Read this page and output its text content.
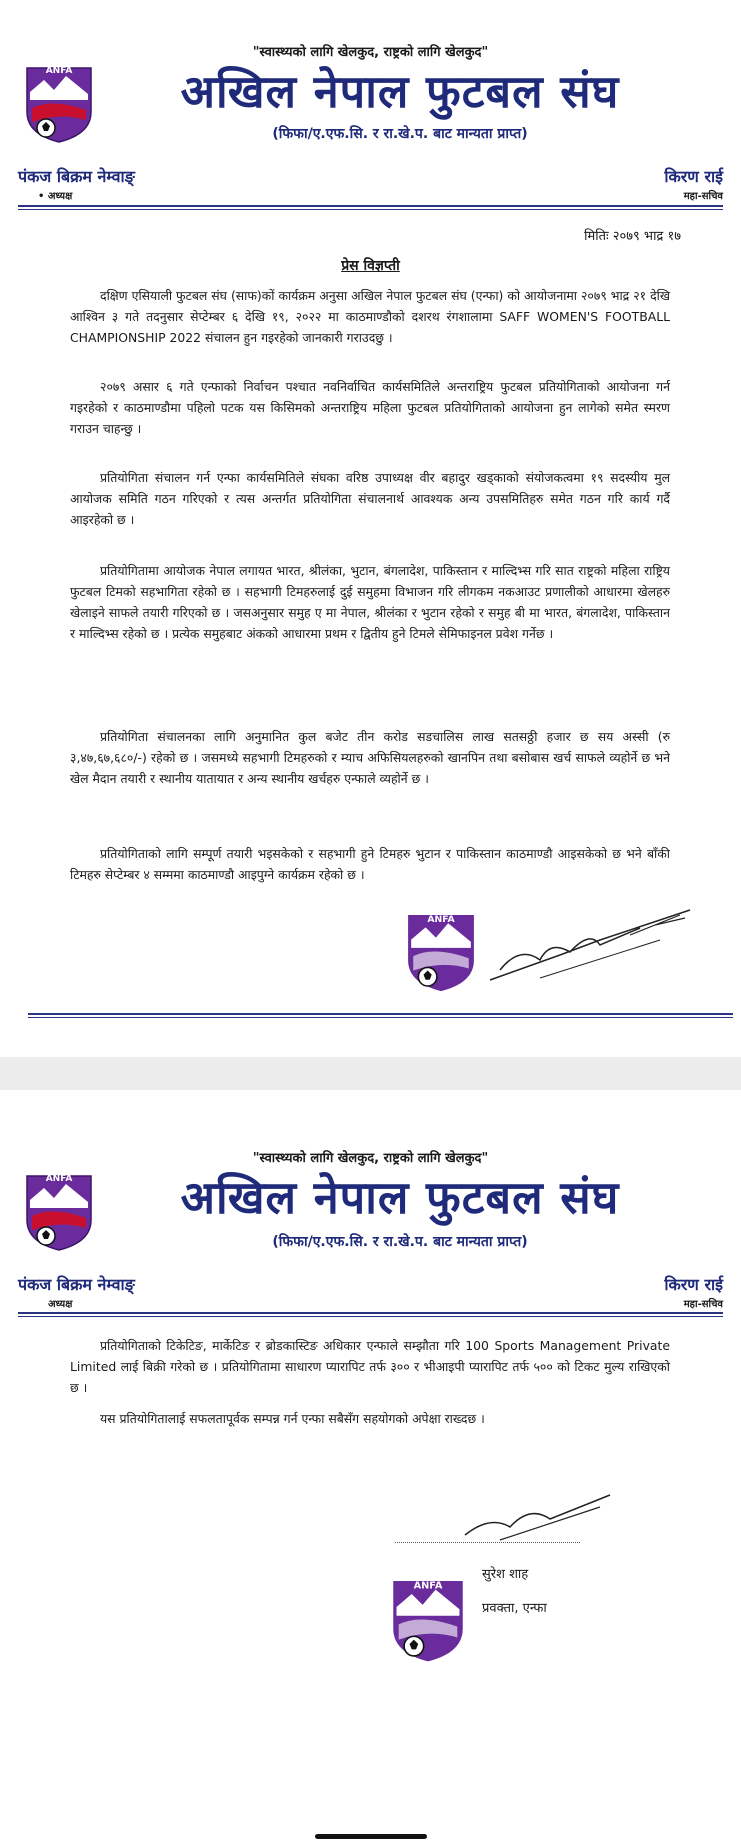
"स्वास्थ्यको लागि खेलकुद, राष्ट्रको लागि खेलकुद"
ANFA	अखिल नेपाल फुटबल संघ
(फिफा/ए.एफ.सि. र रा.खे.प. बाट मान्यता प्राप्त)
पंकज बिक्रम नेम्वाङ्
• अध्यक्ष
किरण राई
महा-सचिव
मितिः २०७९ भाद्र १७
प्रेस विज्ञप्ती

दक्षिण एसियाली फुटबल संघ (साफ)कों कार्यक्रम अनुसा अखिल नेपाल फुटबल संघ (एन्फा) को आयोजनामा २०७९ भाद्र २१ देखि आश्विन ३ गते तदनुसार सेप्टेम्बर ६ देखि १९, २०२२ मा काठमाण्डौको दशरथ रंगशालामा SAFF WOMEN'S FOOTBALL CHAMPIONSHIP 2022 संचालन हुन गइरहेको जानकारी गराउदछु ।

२०७९ असार ६ गते एन्फाको निर्वाचन पश्चात नवनिर्वाचित कार्यसमितिले अन्तराष्ट्रिय फुटबल प्रतियोगिताको आयोजना गर्न गइरहेको र काठमाण्डौमा पहिलो पटक यस किसिमको अन्तराष्ट्रिय महिला फुटबल प्रतियोगिताको आयोजना हुन लागेको समेत स्मरण गराउन चाहन्छु ।

प्रतियोगिता संचालन गर्न एन्फा कार्यसमितिले संघका वरिष्ठ उपाध्यक्ष वीर बहादुर खड्काको संयोजकत्वमा १९ सदस्यीय मुल आयोजक समिति गठन गरिएको र त्यस अन्तर्गत प्रतियोगिता संचालनार्थ आवश्यक अन्य उपसमितिहरु समेत गठन गरि कार्य गर्दै आइरहेको छ ।

प्रतियोगितामा आयोजक नेपाल लगायत भारत, श्रीलंका, भुटान, बंगलादेश, पाकिस्तान र माल्दिभ्स गरि सात राष्ट्रको महिला राष्ट्रिय फुटबल टिमको सहभागिता रहेको छ । सहभागी टिमहरुलाई दुई समुहमा विभाजन गरि लीगकम नकआउट प्रणालीको आधारमा खेलहरु खेलाइने साफले तयारी गरिएको छ । जसअनुसार समुह ए मा नेपाल, श्रीलंका र भुटान रहेको र समुह बी मा भारत, बंगलादेश, पाकिस्तान र माल्दिभ्स रहेको छ । प्रत्येक समुहबाट अंकको आधारमा प्रथम र द्वितीय हुने टिमले सेमिफाइनल प्रवेश गर्नेछ ।

प्रतियोगिता संचालनका लागि अनुमानित कुल बजेट तीन करोड सडचालिस लाख सतसठ्ठी हजार छ सय अस्सी (रु ३,४७,६७,६८०/-) रहेको छ । जसमध्ये सहभागी टिमहरुको र म्याच अफिसियलहरुको खानपिन तथा बसोबास खर्च साफले व्यहोर्ने छ भने खेल मैदान तयारी र स्थानीय यातायात र अन्य स्थानीय खर्चहरु एन्फाले व्यहोर्ने छ ।

प्रतियोगिताको लागि सम्पूर्ण तयारी भइसकेको र सहभागी हुने टिमहरु भुटान र पाकिस्तान काठमाण्डौ आइसकेको छ भने बाँकी टिमहरु सेप्टेम्बर ४ सम्ममा काठमाण्डौ आइपुग्ने कार्यक्रम रहेको छ ।

ANFA
"स्वास्थ्यको लागि खेलकुद, राष्ट्रको लागि खेलकुद"
ANFA	अखिल नेपाल फुटबल संघ
(फिफा/ए.एफ.सि. र रा.खे.प. बाट मान्यता प्राप्त)
पंकज बिक्रम नेम्वाङ्
अध्यक्ष
किरण राई
महा-सचिव

प्रतियोगिताको टिकेटिङ, मार्केटिङ र ब्रोडकास्टिङ अधिकार एन्फाले सम्झौता गरि 100 Sports Management Private Limited लाई बिक्री गरेको छ । प्रतियोगितामा साधारण प्यारापिट तर्फ ३०० र भीआइपी प्यारापिट तर्फ ५०० को टिकट मुल्य राखिएको छ ।

यस प्रतियोगितालाई सफलतापूर्वक सम्पन्न गर्न एन्फा सबैसँग सहयोगको अपेक्षा राख्दछ ।

ANFA
सुरेश शाह
प्रवक्ता, एन्फा
